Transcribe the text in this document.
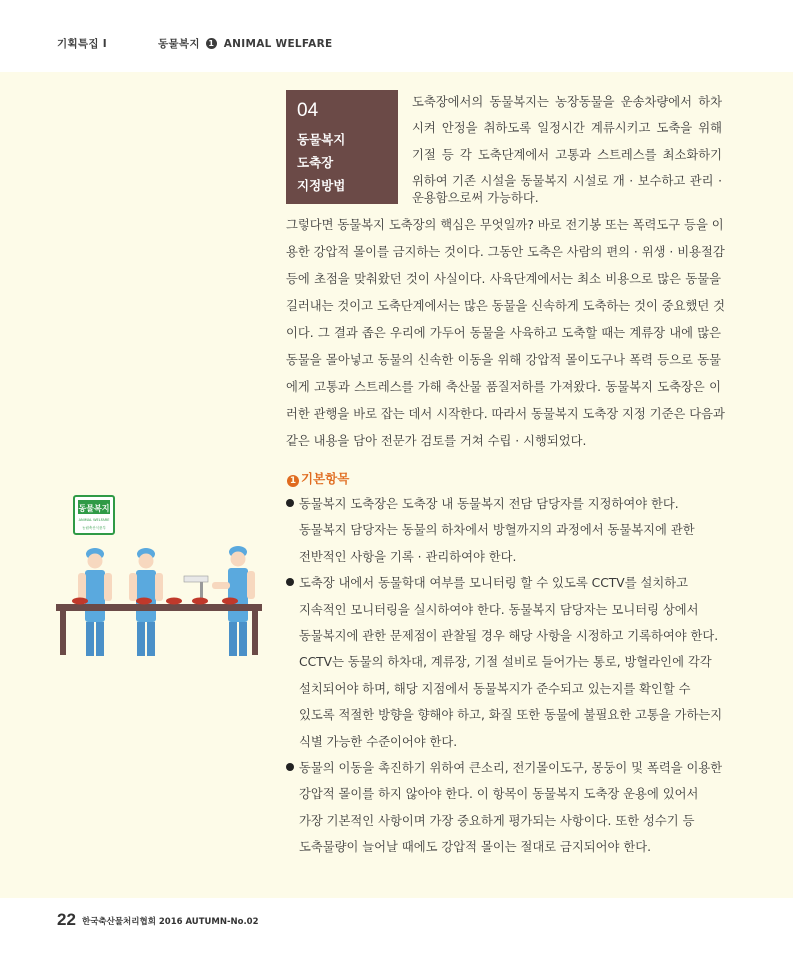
기획특집 I	동물복지 1 ANIMAL WELFARE
04
동물복지
도축장
지정방법
도축장에서의 동물복지는 농장동물을 운송차량에서 하차
시켜 안정을 취하도록 일정시간 계류시키고 도축을 위해
기절 등 각 도축단계에서 고통과 스트레스를 최소화하기
위하여 기존 시설을 동물복지 시설로 개 · 보수하고 관리 ·
운용함으로써 가능하다.
그렇다면 동물복지 도축장의 핵심은 무엇일까? 바로 전기봉 또는 폭력도구 등을 이
용한 강압적 몰이를 금지하는 것이다. 그동안 도축은 사람의 편의 · 위생 · 비용절감
등에 초점을 맞춰왔던 것이 사실이다. 사육단계에서는 최소 비용으로 많은 동물을
길러내는 것이고 도축단계에서는 많은 동물을 신속하게 도축하는 것이 중요했던 것
이다. 그 결과 좁은 우리에 가두어 동물을 사육하고 도축할 때는 계류장 내에 많은
동물을 몰아넣고 동물의 신속한 이동을 위해 강압적 몰이도구나 폭력 등으로 동물
에게 고통과 스트레스를 가해 축산물 품질저하를 가져왔다. 동물복지 도축장은 이
러한 관행을 바로 잡는 데서 시작한다. 따라서 동물복지 도축장 지정 기준은 다음과
같은 내용을 담아 전문가 검토를 거쳐 수립 · 시행되었다.
1 기본항목
동물복지 도축장은 도축장 내 동물복지 전담 담당자를 지정하여야 한다.
동물복지 담당자는 동물의 하차에서 방혈까지의 과정에서 동물복지에 관한
전반적인 사항을 기록 · 관리하여야 한다.
도축장 내에서 동물학대 여부를 모니터링 할 수 있도록 CCTV를 설치하고
지속적인 모니터링을 실시하여야 한다. 동물복지 담당자는 모니터링 상에서
동물복지에 관한 문제점이 관찰될 경우 해당 사항을 시정하고 기록하여야 한다.
CCTV는 동물의 하차대, 계류장, 기절 설비로 들어가는 통로, 방혈라인에 각각
설치되어야 하며, 해당 지점에서 동물복지가 준수되고 있는지를 확인할 수
있도록 적절한 방향을 향해야 하고, 화질 또한 동물에 불필요한 고통을 가하는지
식별 가능한 수준이어야 한다.
동물의 이동을 촉진하기 위하여 큰소리, 전기몰이도구, 몽둥이 및 폭력을 이용한
강압적 몰이를 하지 않아야 한다. 이 항목이 동물복지 도축장 운용에 있어서
가장 기본적인 사항이며 가장 중요하게 평가되는 사항이다. 또한 성수기 등
도축물량이 늘어날 때에도 강압적 몰이는 절대로 금지되어야 한다.
동물복지
ANIMAL WELFARE
농림축산식품부
22 한국축산물처리협회 2016 AUTUMN-No.02
